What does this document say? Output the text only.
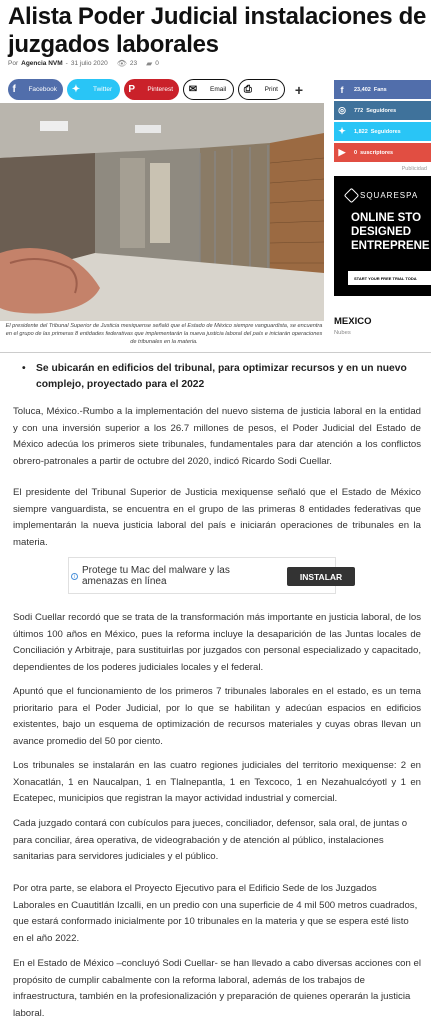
Alista Poder Judicial instalaciones de juzgados laborales
Por Agencia NVM - 31 julio 2020 👁 23 ▰ 0
f	Facebook	✦	Twitter	P	Pinterest	✉	Email	⎙	Print	+

El presidente del Tribunal Superior de Justicia mexiquense señaló que el Estado de México siempre vanguardista, se encuentra en el grupo de las primeras 8 entidades federativas que implementarán la nueva justicia laboral del país e iniciarán operaciones de tribunales en la materia.

f	23,402 Fans
◎	772 Seguidores
✦	1,822 Seguidores
▶	0 suscriptores
Publicidad
SQUARESPA
ONLINE STO
DESIGNED
ENTREPRENE
START YOUR FREE TRIAL TODA
MEXICO
Nubes
•	Se ubicarán en edificios del tribunal, para optimizar recursos y en un nuevo complejo, proyectado para el 2022

Toluca, México.-Rumbo a la implementación del nuevo sistema de justicia laboral en la entidad y con una inversión superior a los 26.7 millones de pesos, el Poder Judicial del Estado de México adecúa los primeros siete tribunales, fundamentales para dar atención a los conflictos obrero-patronales a partir de octubre del 2020, indicó Ricardo Sodi Cuellar.

El presidente del Tribunal Superior de Justicia mexiquense señaló que el Estado de México siempre vanguardista, se encuentra en el grupo de las primeras 8 entidades federativas que implementarán la nueva justicia laboral del país e iniciarán operaciones de tribunales en la materia.

i
Protege tu Mac del malware y las amenazas en línea	INSTALAR

Sodi Cuellar recordó que se trata de la transformación más importante en justicia laboral, de los últimos 100 años en México, pues la reforma incluye la desaparición de las Juntas locales de Conciliación y Arbitraje, para sustituirlas por juzgados con personal especializado y capacitado, dependientes de los poderes judiciales locales y el federal.

Apuntó que el funcionamiento de los primeros 7 tribunales laborales en el estado, es un tema prioritario para el Poder Judicial, por lo que se habilitan y adecúan espacios en edificios existentes, bajo un esquema de optimización de recursos materiales y cuyas obras llevan un avance promedio del 50 por ciento.

Los tribunales se instalarán en las cuatro regiones judiciales del territorio mexiquense: 2 en Xonacatlán, 1 en Naucalpan, 1 en Tlalnepantla, 1 en Texcoco, 1 en Nezahualcóyotl y 1 en Ecatepec, municipios que registran la mayor actividad industrial y comercial.

Cada juzgado contará con cubículos para jueces, conciliador, defensor, sala oral, de juntas o para conciliar, área operativa, de videograbación y de atención al público, instalaciones sanitarias para servidores judiciales y el público.

Por otra parte, se elabora el Proyecto Ejecutivo para el Edificio Sede de los Juzgados Laborales en Cuautitlán Izcalli, en un predio con una superficie de 4 mil 500 metros cuadrados, que estará conformado inicialmente por 10 tribunales en la materia y que se espera esté listo en el año 2022.

En el Estado de México –concluyó Sodi Cuellar- se han llevado a cabo diversas acciones con el propósito de cumplir cabalmente con la reforma laboral, además de los trabajos de infraestructura, también en la profesionalización y preparación de quienes operarán la justicia laboral.
